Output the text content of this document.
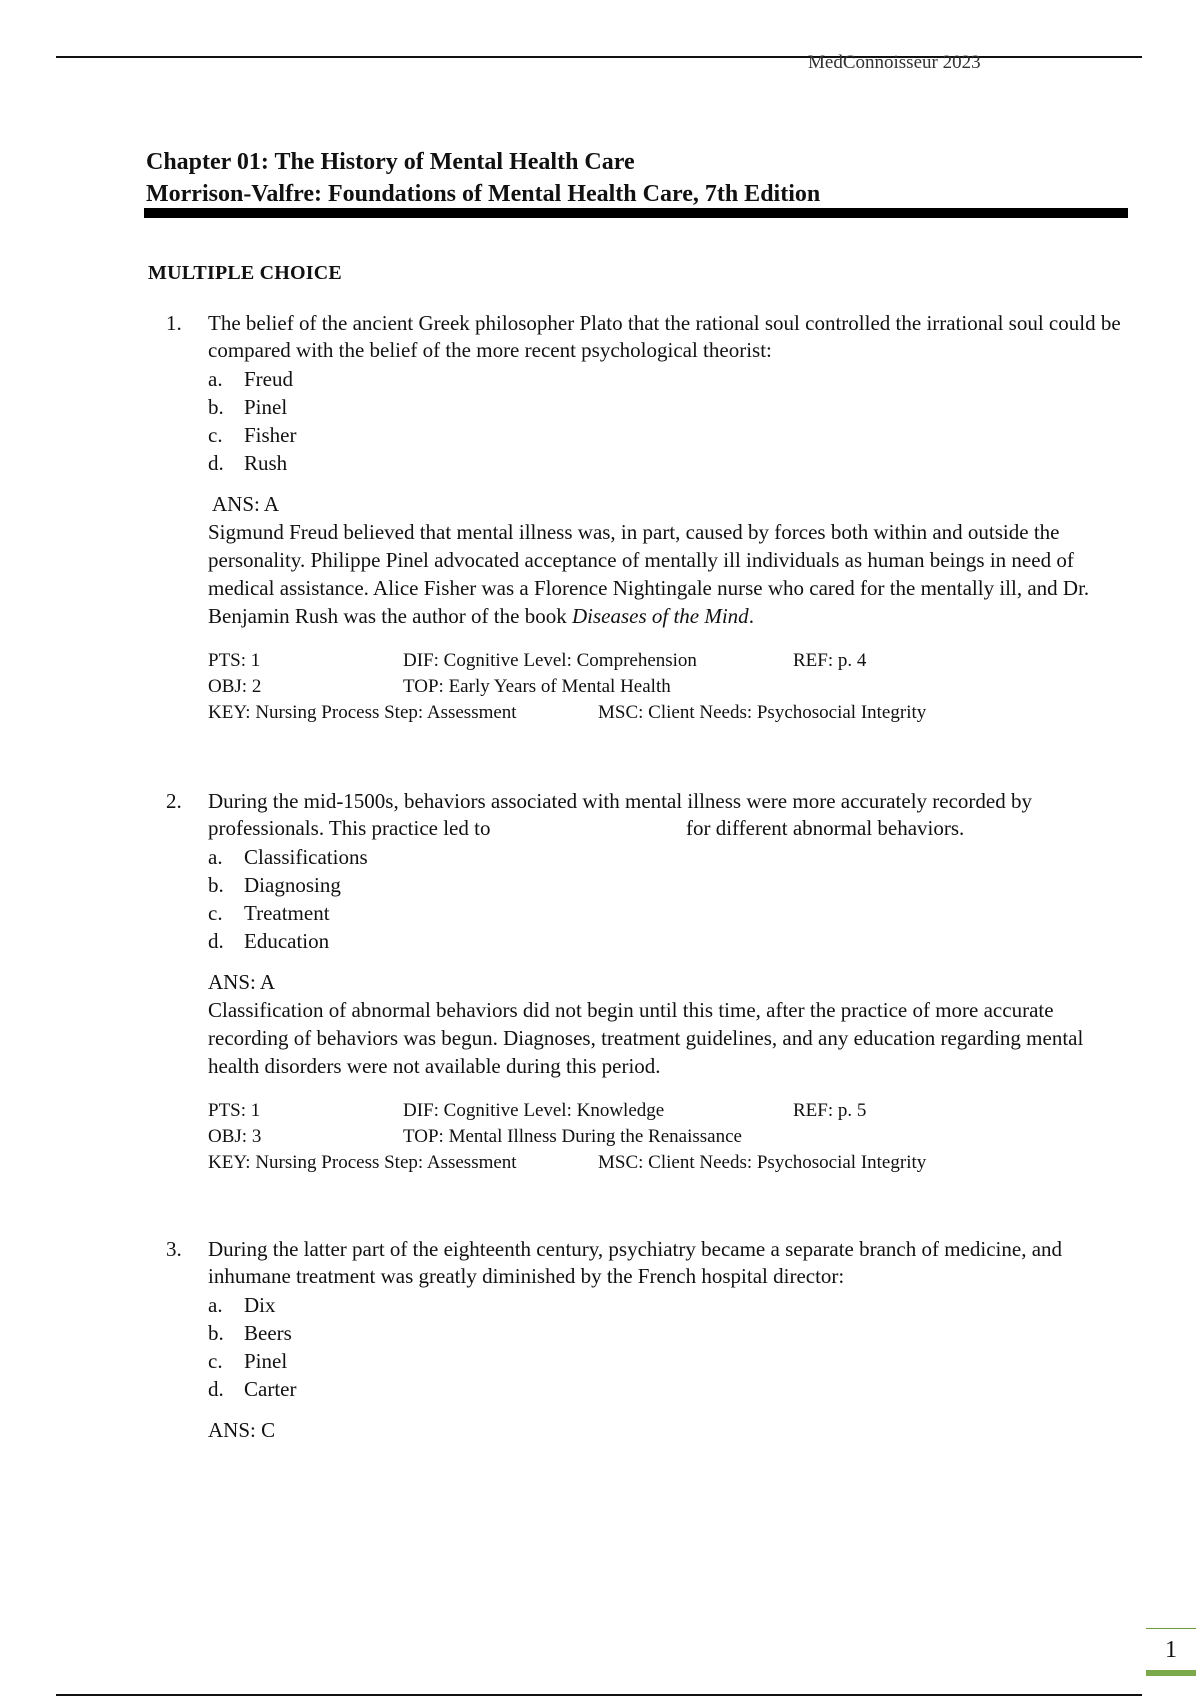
MedConnoisseur 2023
Chapter 01: The History of Mental Health Care
Morrison-Valfre: Foundations of Mental Health Care, 7th Edition
MULTIPLE CHOICE
1.	The belief of the ancient Greek philosopher Plato that the rational soul controlled the irrational soul could be compared with the belief of the more recent psychological theorist:
a.	Freud
b. Pinel
c.	Fisher
d. Rush
ANS: A
Sigmund Freud believed that mental illness was, in part, caused by forces both within and outside the personality. Philippe Pinel advocated acceptance of mentally ill individuals as human beings in need of medical assistance. Alice Fisher was a Florence Nightingale nurse who cared for the mentally ill, and Dr. Benjamin Rush was the author of the book Diseases of the Mind.
PTS: 1	DIF: Cognitive Level: Comprehension	REF: p. 4
OBJ: 2	TOP: Early Years of Mental Health
KEY: Nursing Process Step: Assessment	MSC: Client Needs: Psychosocial Integrity
2.	During the mid-1500s, behaviors associated with mental illness were more accurately recorded by professionals. This practice led to	for different abnormal behaviors.
a.	Classifications
b. Diagnosing
c.	Treatment
d. Education
ANS: A
Classification of abnormal behaviors did not begin until this time, after the practice of more accurate recording of behaviors was begun. Diagnoses, treatment guidelines, and any education regarding mental health disorders were not available during this period.
PTS: 1	DIF: Cognitive Level: Knowledge	REF: p. 5
OBJ: 3	TOP: Mental Illness During the Renaissance
KEY: Nursing Process Step: Assessment	MSC: Client Needs: Psychosocial Integrity
3.	During the latter part of the eighteenth century, psychiatry became a separate branch of medicine, and inhumane treatment was greatly diminished by the French hospital director:
a.	Dix
b. Beers
c.	Pinel
d. Carter
ANS: C
1
